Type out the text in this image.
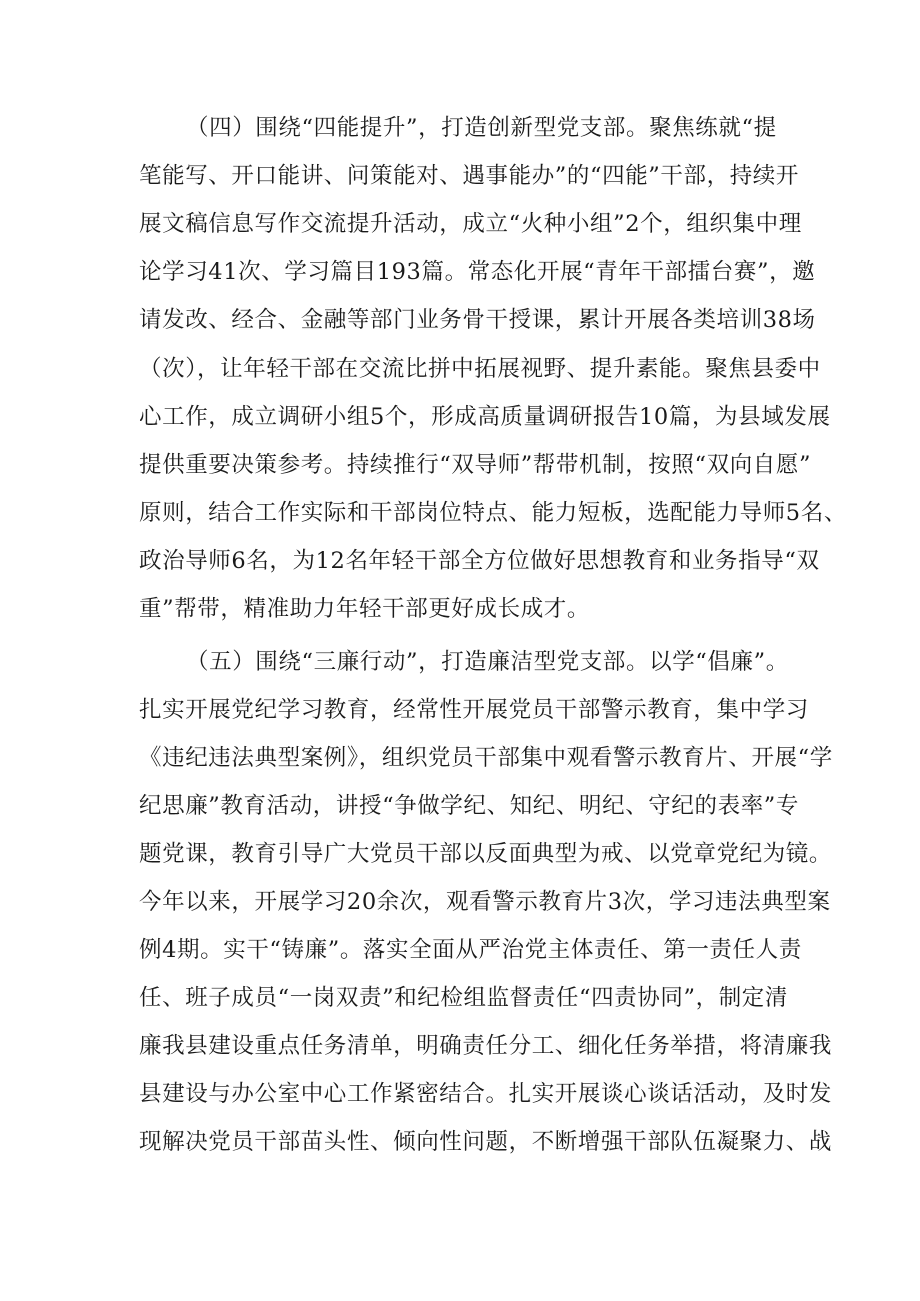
（四）围绕“四能提升”，打造创新型党支部。聚焦练就“提
笔能写、开口能讲、问策能对、遇事能办”的“四能”干部，持续开
展文稿信息写作交流提升活动，成立“火种小组”2个，组织集中理
论学习41次、学习篇目193篇。常态化开展“青年干部擂台赛”，邀
请发改、经合、金融等部门业务骨干授课，累计开展各类培训38场
（次），让年轻干部在交流比拼中拓展视野、提升素能。聚焦县委中
心工作，成立调研小组5个，形成高质量调研报告10篇，为县域发展
提供重要决策参考。持续推行“双导师”帮带机制，按照“双向自愿”
原则，结合工作实际和干部岗位特点、能力短板，选配能力导师5名、
政治导师6名，为12名年轻干部全方位做好思想教育和业务指导“双
重”帮带，精准助力年轻干部更好成长成才。
（五）围绕“三廉行动”，打造廉洁型党支部。以学“倡廉”。
扎实开展党纪学习教育，经常性开展党员干部警示教育，集中学习
《违纪违法典型案例》，组织党员干部集中观看警示教育片、开展“学
纪思廉”教育活动，讲授“争做学纪、知纪、明纪、守纪的表率”专
题党课，教育引导广大党员干部以反面典型为戒、以党章党纪为镜。
今年以来，开展学习20余次，观看警示教育片3次，学习违法典型案
例4期。实干“铸廉”。落实全面从严治党主体责任、第一责任人责
任、班子成员“一岗双责”和纪检组监督责任“四责协同”，制定清
廉我县建设重点任务清单，明确责任分工、细化任务举措，将清廉我
县建设与办公室中心工作紧密结合。扎实开展谈心谈话活动，及时发
现解决党员干部苗头性、倾向性问题，不断增强干部队伍凝聚力、战
